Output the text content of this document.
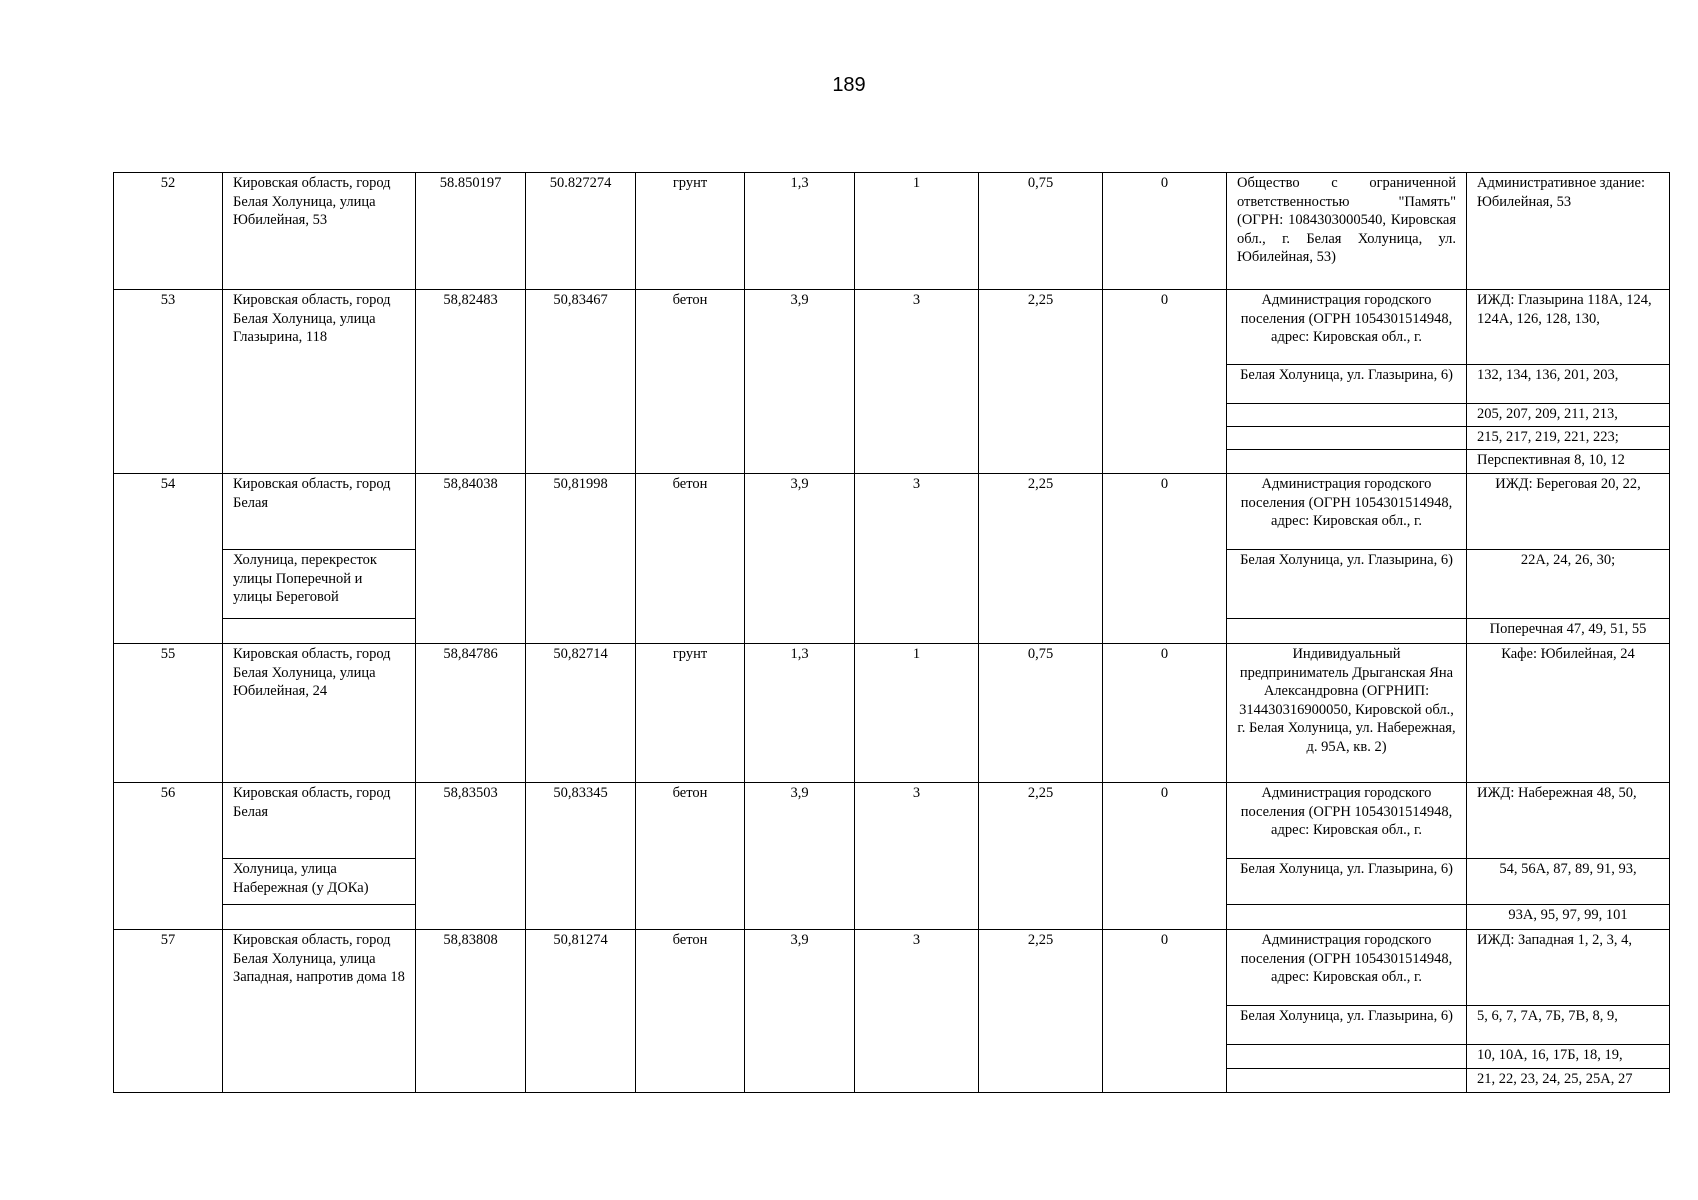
189
52	Кировская область, город Белая Холуница, улица Юбилейная, 53	58.850197	50.827274	грунт	1,3	1	0,75	0	Общество с ограниченной ответственностью "Память" (ОГРН: 1084303000540, Кировская обл., г. Белая Холуница, ул. Юбилейная, 53)	Административное здание: Юбилейная, 53
53	Кировская область, город Белая Холуница, улица Глазырина, 118	58,82483	50,83467	бетон	3,9	3	2,25	0	Администрация городского поселения (ОГРН 1054301514948, адрес: Кировская обл., г.	ИЖД: Глазырина 118А, 124, 124А, 126, 128, 130,
									Белая Холуница, ул. Глазырина, 6)	132, 134, 136, 201, 203,
										205, 207, 209, 211, 213,
										215, 217, 219, 221, 223;
										Перспективная 8, 10, 12
54	Кировская область, город Белая	58,84038	50,81998	бетон	3,9	3	2,25	0	Администрация городского поселения (ОГРН 1054301514948, адрес: Кировская обл., г.	ИЖД: Береговая 20, 22,
	Холуница, перекресток улицы Поперечной и улицы Береговой								Белая Холуница, ул. Глазырина, 6)	22А, 24, 26, 30;
										Поперечная 47, 49, 51, 55
55	Кировская область, город Белая Холуница, улица Юбилейная, 24	58,84786	50,82714	грунт	1,3	1	0,75	0	Индивидуальный предприниматель Дрыганская Яна Александровна (ОГРНИП: 314430316900050, Кировской обл., г. Белая Холуница, ул. Набережная, д. 95А, кв. 2)	Кафе: Юбилейная, 24
56	Кировская область, город Белая	58,83503	50,83345	бетон	3,9	3	2,25	0	Администрация городского поселения (ОГРН 1054301514948, адрес: Кировская обл., г.	ИЖД: Набережная 48, 50,
	Холуница, улица Набережная (у ДОКа)								Белая Холуница, ул. Глазырина, 6)	54, 56А, 87, 89, 91, 93,
										93А, 95, 97, 99, 101
57	Кировская область, город Белая Холуница, улица Западная, напротив дома 18	58,83808	50,81274	бетон	3,9	3	2,25	0	Администрация городского поселения (ОГРН 1054301514948, адрес: Кировская обл., г.	ИЖД: Западная 1, 2, 3, 4,
									Белая Холуница, ул. Глазырина, 6)	5, 6, 7, 7А, 7Б, 7В, 8, 9,
										10, 10А, 16, 17Б, 18, 19,
										21, 22, 23, 24, 25, 25А, 27
